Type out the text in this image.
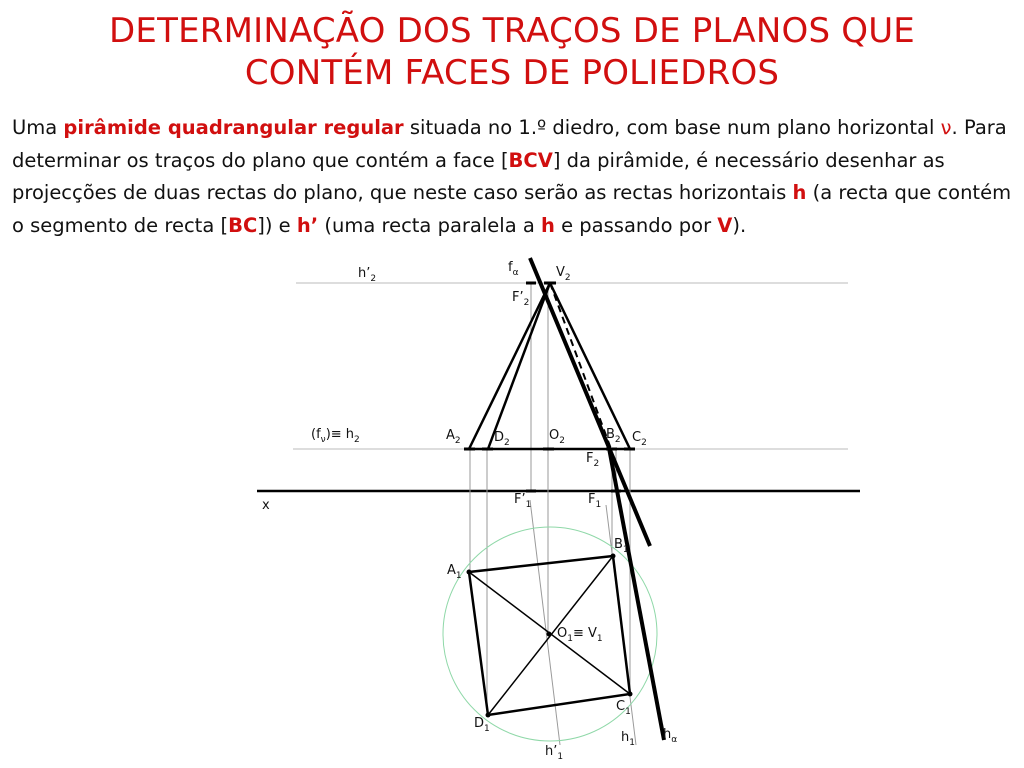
DETERMINAÇÃO DOS TRAÇOS DE PLANOS QUE
CONTÉM FACES DE POLIEDROS
Uma pirâmide quadrangular regular situada no 1.º diedro, com base num plano horizontal ν. Para determinar os traços do plano que contém a face [BCV] da pirâmide, é necessário desenhar as projecções de duas rectas do plano, que neste caso serão as rectas horizontais h (a recta que contém o segmento de recta [BC]) e h’ (uma recta paralela a h e passando por V).
$h’_2$
$f_\alpha$	$V_2$
$F’_2$
$(f_\nu)\equiv h_2$	$A_2$	$D_2$	$O_2$	$B_2$ $C_2$
$F_2$
x	$F’_1$	$F_1$
$B_1$
$A_1$
$O_1\equiv V_1$
$C_1$
$D_1$
$h_1$
$h_\alpha$
$h’_1$
